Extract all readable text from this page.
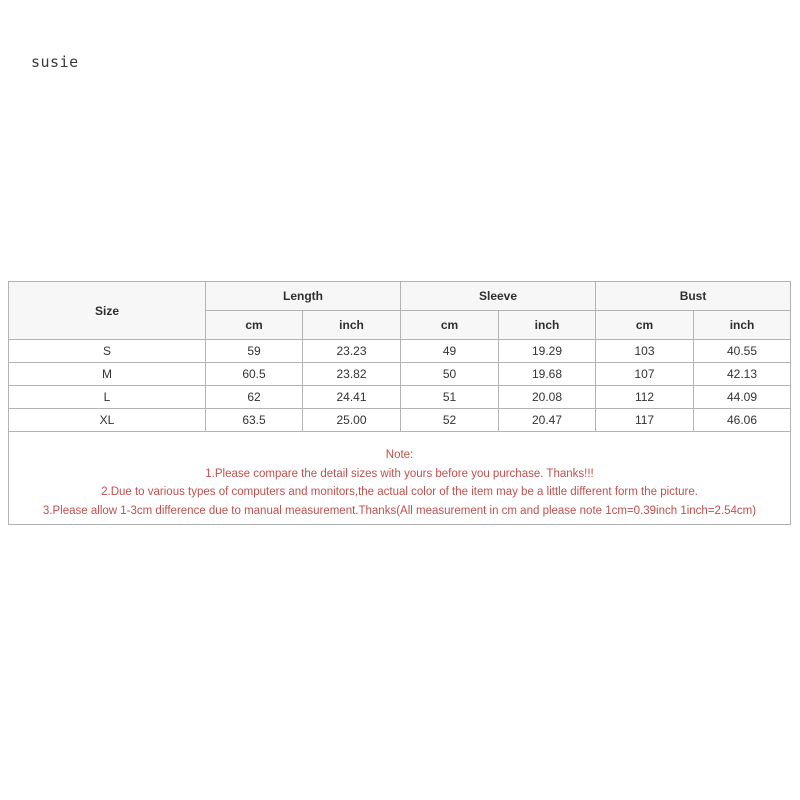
susie
Size	Length		Sleeve		Bust	
	cm	inch	cm	inch	cm	inch
S	59	23.23	49	19.29	103	40.55
M	60.5	23.82	50	19.68	107	42.13
L	62	24.41	51	20.08	112	44.09
XL	63.5	25.00	52	20.47	117	46.06

Note:
1.Please compare the detail sizes with yours before you purchase. Thanks!!!
2.Due to various types of computers and monitors,the actual color of the item may be a little different form the picture.
3.Please allow 1-3cm difference due to manual measurement.Thanks(All measurement in cm and please note 1cm=0.39inch 1inch=2.54cm)						
